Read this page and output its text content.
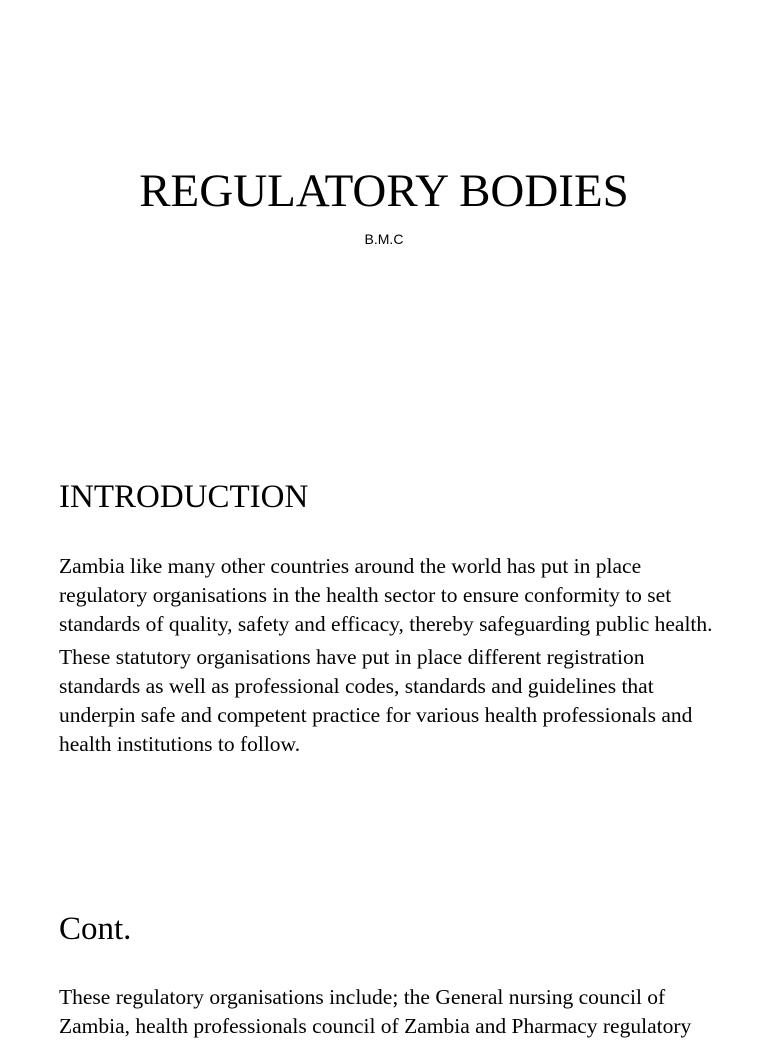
REGULATORY BODIES
B.M.C
INTRODUCTION

Zambia like many other countries around the world has put in place regulatory organisations in the health sector to ensure conformity to set standards of quality, safety and efficacy, thereby safeguarding public health.

These statutory organisations have put in place different registration standards as well as professional codes, standards and guidelines that underpin safe and competent practice for various health professionals and health institutions to follow.

Cont.

These regulatory organisations include; the General nursing council of Zambia, health professionals council of Zambia and Pharmacy regulatory
